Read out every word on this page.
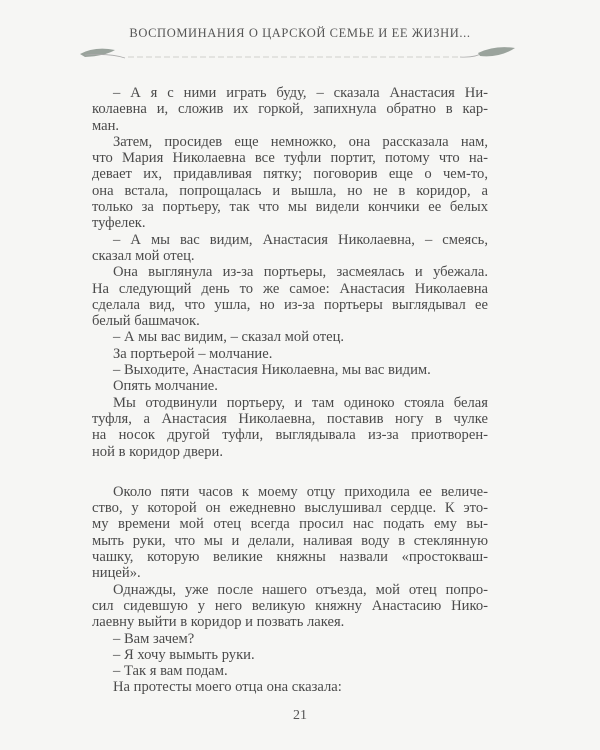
ВОСПОМИНАНИЯ О ЦАРСКОЙ СЕМЬЕ И ЕЕ ЖИЗНИ...
– А я с ними играть буду, – сказала Анастасия Ни-
колаевна и, сложив их горкой, запихнула обратно в кар-
ман.
Затем, просидев еще немножко, она рассказала нам,
что Мария Николаевна все туфли портит, потому что на-
девает их, придавливая пятку; поговорив еще о чем-то,
она встала, попрощалась и вышла, но не в коридор, а
только за портьеру, так что мы видели кончики ее белых
туфелек.
– А мы вас видим, Анастасия Николаевна, – смеясь,
сказал мой отец.
Она выглянула из-за портьеры, засмеялась и убежала.
На следующий день то же самое: Анастасия Николаевна
сделала вид, что ушла, но из-за портьеры выглядывал ее
белый башмачок.
– А мы вас видим, – сказал мой отец.
За портьерой – молчание.
– Выходите, Анастасия Николаевна, мы вас видим.
Опять молчание.
Мы отодвинули портьеру, и там одиноко стояла белая
туфля, а Анастасия Николаевна, поставив ногу в чулке
на носок другой туфли, выглядывала из-за приотворен-
ной в коридор двери.
Около пяти часов к моему отцу приходила ее величе-
ство, у которой он ежедневно выслушивал сердце. К это-
му времени мой отец всегда просил нас подать ему вы-
мыть руки, что мы и делали, наливая воду в стеклянную
чашку, которую великие княжны назвали «простокваш-
ницей».
Однажды, уже после нашего отъезда, мой отец попро-
сил сидевшую у него великую княжну Анастасию Нико-
лаевну выйти в коридор и позвать лакея.
– Вам зачем?
– Я хочу вымыть руки.
– Так я вам подам.
На протесты моего отца она сказала:
21
